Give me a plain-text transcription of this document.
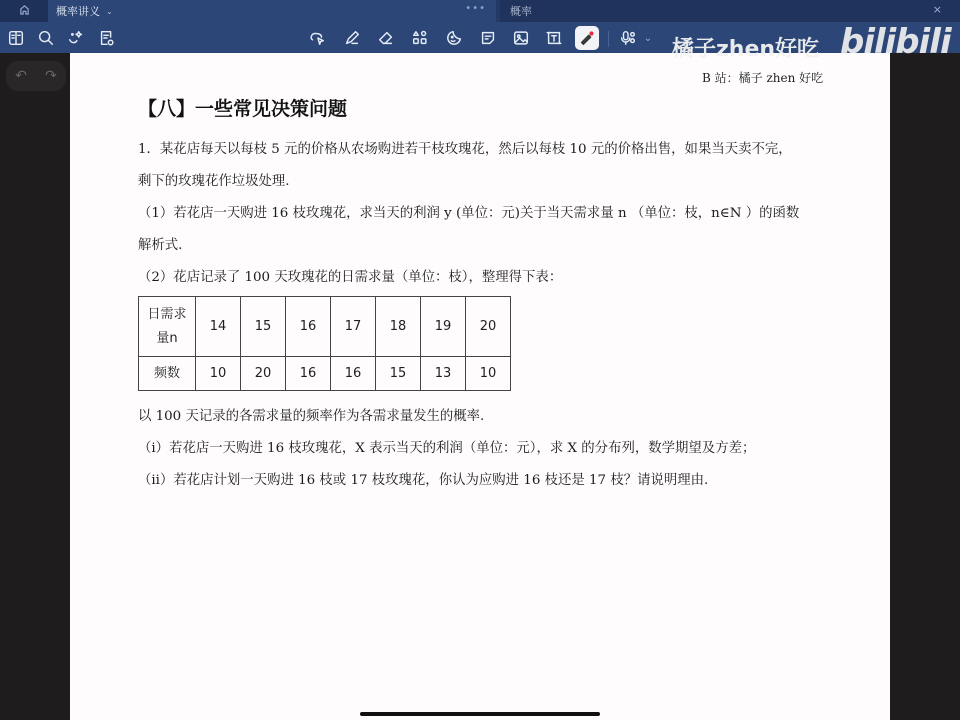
概率讲义 ⌄	••• 概率	×
⌄
↶ ↷	B 站：橘子 zhen 好吃
【八】一些常见决策问题
1．某花店每天以每枝 5 元的价格从农场购进若干枝玫瑰花，然后以每枝 10 元的价格出售，如果当天卖不完，
剩下的玫瑰花作垃圾处理.
（1）若花店一天购进 16 枝玫瑰花，求当天的利润 y (单位：元)关于当天需求量 n （单位：枝，n∈N ）的函数
解析式.
（2）花店记录了 100 天玫瑰花的日需求量（单位：枝），整理得下表：
日需求量n	14	15	16	17	18	19	20
频数	10	20	16	16	15	13	10
以 100 天记录的各需求量的频率作为各需求量发生的概率.
（i）若花店一天购进 16 枝玫瑰花，X 表示当天的利润（单位：元），求 X 的分布列，数学期望及方差；
（ii）若花店计划一天购进 16 枝或 17 枝玫瑰花，你认为应购进 16 枝还是 17 枝？请说明理由.
橘子zhen好吃 bilibili
